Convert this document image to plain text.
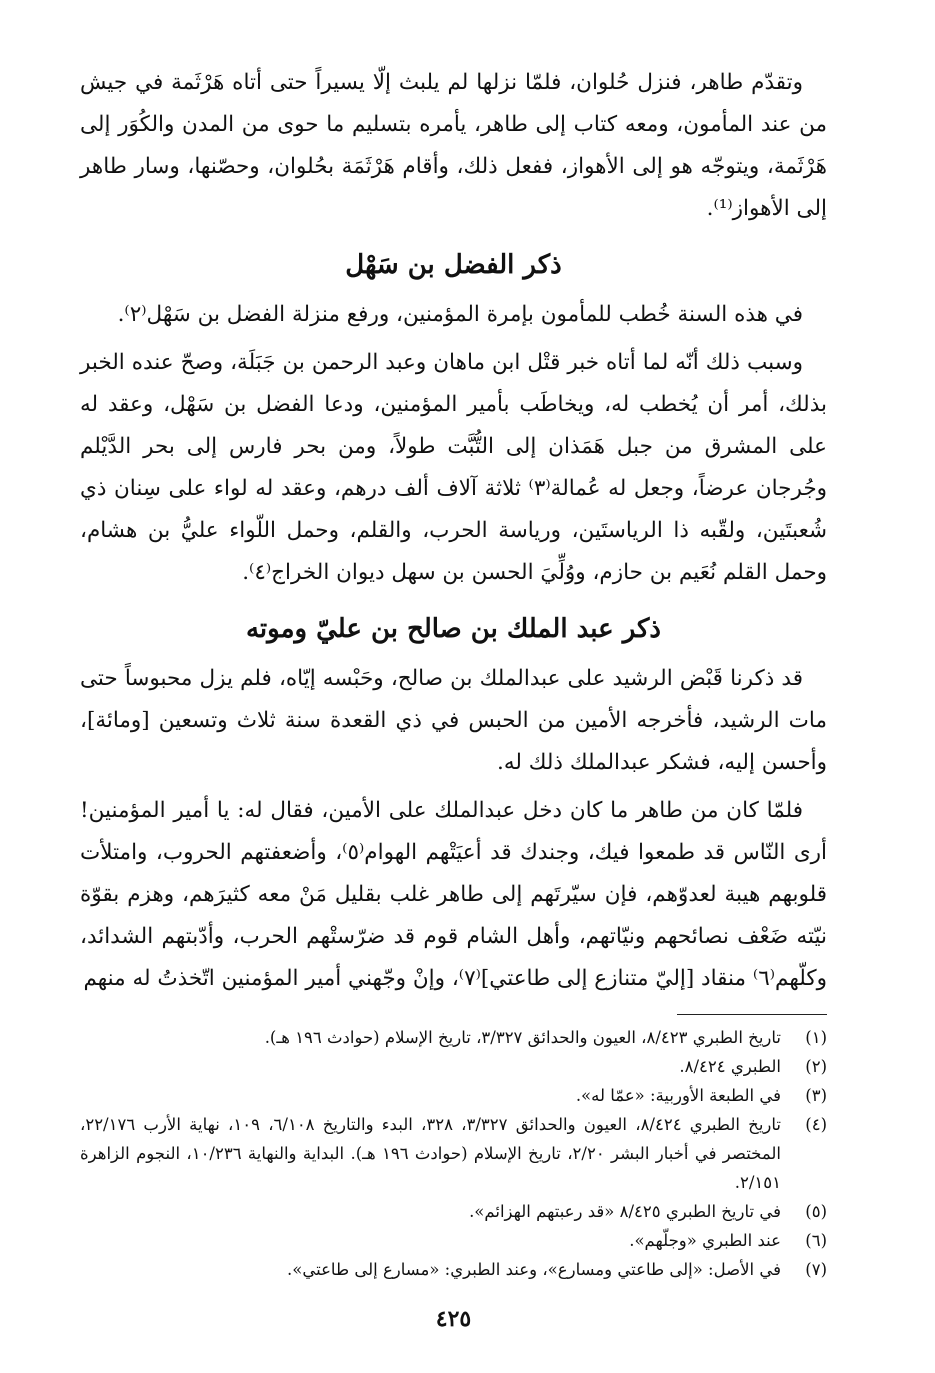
وتقدّم طاهر، فنزل حُلوان، فلمّا نزلها لم يلبث إلّا يسيراً حتى أتاه هَرْثَمة في جيش من عند المأمون، ومعه كتاب إلى طاهر، يأمره بتسليم ما حوى من المدن والكُوَر إلى هَرْثَمة، ويتوجّه هو إلى الأهواز، ففعل ذلك، وأقام هَرْثَمَة بحُلوان، وحصّنها، وسار طاهر إلى الأهواز⁽¹⁾.

ذكر الفضل بن سَهْل

في هذه السنة خُطب للمأمون بإمرة المؤمنين، ورفع منزلة الفضل بن سَهْل⁽٢⁾.

وسبب ذلك أنّه لما أتاه خبر قتْل ابن ماهان وعبد الرحمن بن جَبَلَة، وصحّ عنده الخبر بذلك، أمر أن يُخطب له، ويخاطَب بأمير المؤمنين، ودعا الفضل بن سَهْل، وعقد له على المشرق من جبل هَمَذان إلى التُّبَّت طولاً، ومن بحر فارس إلى بحر الدَّيْلم وجُرجان عرضاً، وجعل له عُمالة⁽٣⁾ ثلاثة آلاف ألف درهم، وعقد له لواء على سِنان ذي شُعبتَين، ولقّبه ذا الرياستَين، ورياسة الحرب، والقلم، وحمل اللّواء عليُّ بن هشام، وحمل القلم نُعَيم بن حازم، ووُلِّيَ الحسن بن سهل ديوان الخراج⁽٤⁾.

ذكر عبد الملك بن صالح بن عليّ وموته

قد ذكرنا قَبْض الرشيد على عبدالملك بن صالح، وحَبْسه إيّاه، فلم يزل محبوساً حتى مات الرشيد، فأخرجه الأمين من الحبس في ذي القعدة سنة ثلاث وتسعين [ومائة]، وأحسن إليه، فشكر عبدالملك ذلك له.

فلمّا كان من طاهر ما كان دخل عبدالملك على الأمين، فقال له: يا أمير المؤمنين! أرى النّاس قد طمعوا فيك، وجندك قد أعيَتْهم الهوام⁽٥⁾، وأضعفتهم الحروب، وامتلأت قلوبهم هيبة لعدوّهم، فإن سيّرتَهم إلى طاهر غلب بقليل مَنْ معه كثيرَهم، وهزم بقوّة نيّته ضَعْف نصائحهم ونيّاتهم، وأهل الشام قوم قد ضرّستْهم الحرب، وأدّبتهم الشدائد، وكلّهم⁽٦⁾ منقاد [إليّ متنازع إلى طاعتي]⁽٧⁾، وإنْ وجّهني أمير المؤمنين اتّخذتُ له منهم

(١)
تاريخ الطبري ٨/٤٢٣، العيون والحدائق ٣/٣٢٧، تاريخ الإسلام (حوادث ١٩٦ هـ).
(٢)
الطبري ٨/٤٢٤.
(٣)
في الطبعة الأوربية: «عمّا له».
(٤)
تاريخ الطبري ٨/٤٢٤، العيون والحدائق ٣/٣٢٧، ٣٢٨، البدء والتاريخ ٦/١٠٨، ١٠٩، نهاية الأرب ٢٢/١٧٦، المختصر في أخبار البشر ٢/٢٠، تاريخ الإسلام (حوادث ١٩٦ هـ). البداية والنهاية ١٠/٢٣٦، النجوم الزاهرة ٢/١٥١.
(٥)
في تاريخ الطبري ٨/٤٢٥ «قد رعبتهم الهزائم».
(٦)
عند الطبري «وجلّهم».
(٧)
في الأصل: «إلى طاعتي ومسارع»، وعند الطبري: «مسارع إلى طاعتي».
٤٢٥
